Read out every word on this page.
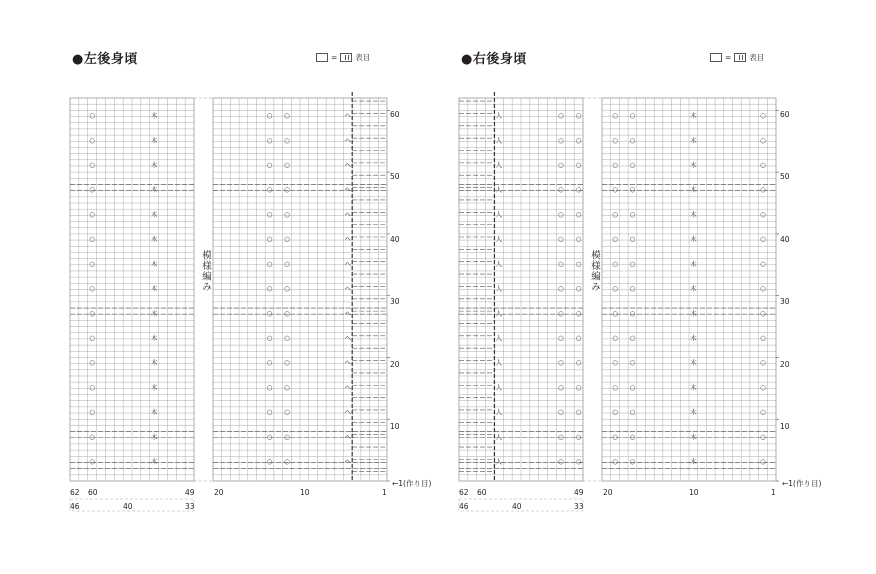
●左後身頃	= 表目	●右後身頃	= 表目
○	木	○ ○	ヘ
○	木	○ ○	ヘ
○	木	○ ○	ヘ
○	木	○ ○	ヘ
○	木	○ ○	ヘ
○	木	○ ○	ヘ
○	木	○ ○	ヘ
○	木	○ ○	ヘ
○	木	○ ○	ヘ
○	木	○ ○	ヘ
○	木	○ ○	ヘ
○	木	○ ○	ヘ
○	木	○ ○	ヘ
○	木	○ ○	ヘ
○	木	○ ○	ヘ
人	○ ○	○ ○	木	○
人	○ ○	○ ○	木	○
人	○ ○	○ ○	木	○
人	○ ○	○ ○	木	○
人	○ ○	○ ○	木	○
人	○ ○	○ ○	木	○
人	○ ○	○ ○	木	○
人	○ ○	○ ○	木	○
人	○ ○	○ ○	木	○
人	○ ○	○ ○	木	○
人	○ ○	○ ○	木	○
人	○ ○	○ ○	木	○
人	○ ○	○ ○	木	○
人	○ ○	○ ○	木	○
人	○ ○	○ ○	木	○
模様編み	模様編み
60
50
40
30
20
10
←1(作り目)
62 60	49	20	10	1
46	40	33
60
50
40
30
20
10
←1(作り目)
62 60	49	20	10	1
46	40	33
